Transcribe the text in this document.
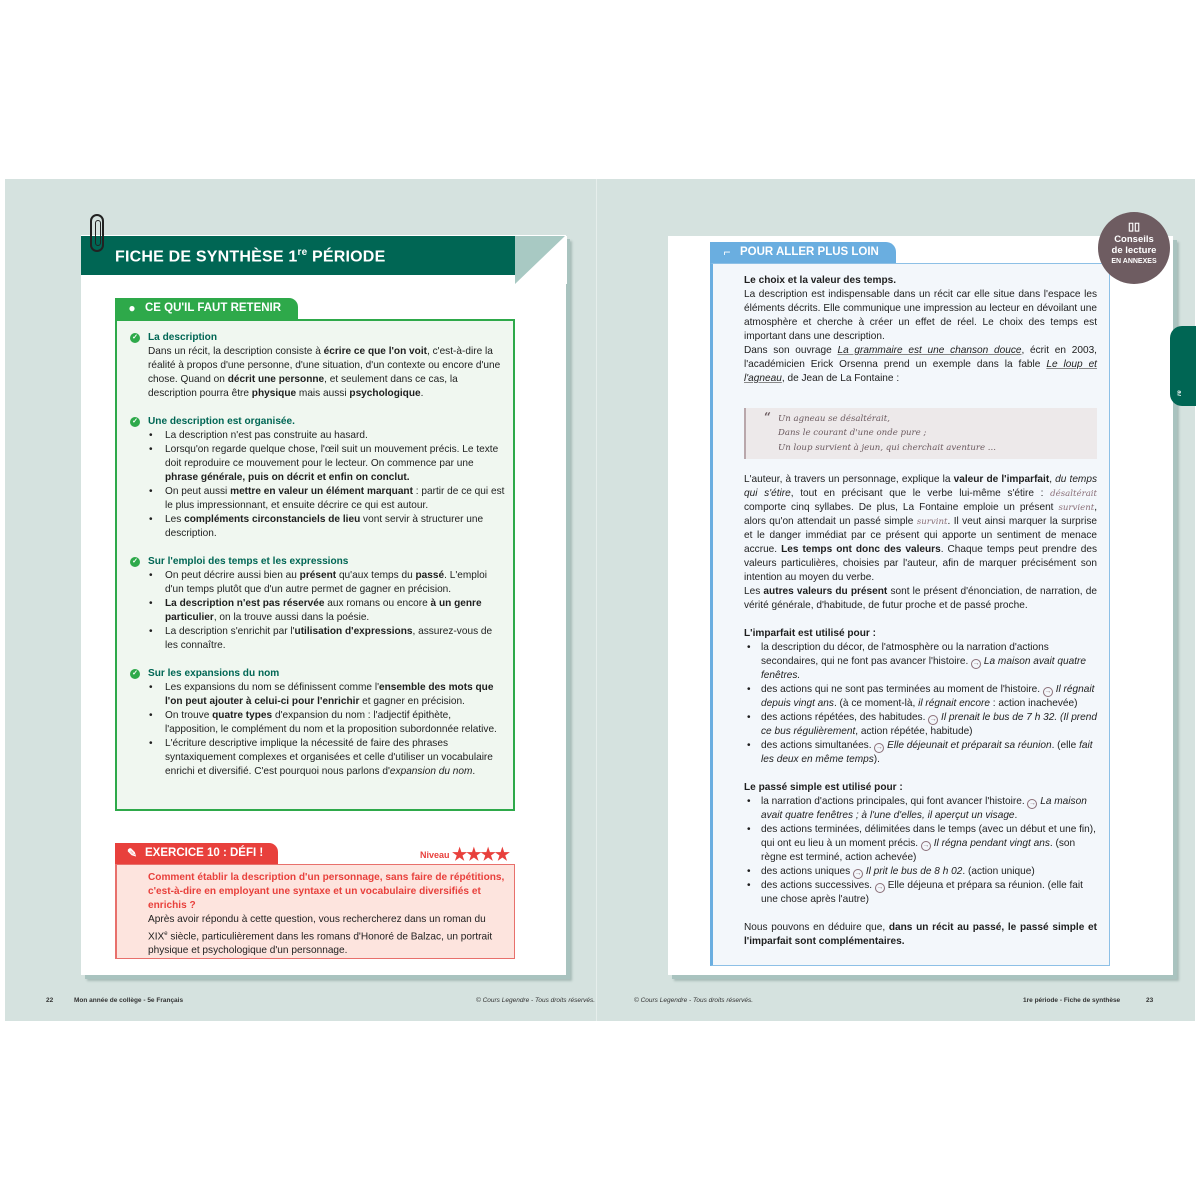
FICHE DE SYNTHÈSE 1re PÉRIODE
● CE QU'IL FAUT RETENIR
✓ La description
Dans un récit, la description consiste à écrire ce que l'on voit, c'est-à-dire la réalité à propos d'une personne, d'une situation, d'un contexte ou encore d'une chose. Quand on décrit une personne, et seulement dans ce cas, la description pourra être physique mais aussi psychologique.
✓ Une description est organisée.
• La description n'est pas construite au hasard.
• Lorsqu'on regarde quelque chose, l'œil suit un mouvement précis. Le texte doit reproduire ce mouvement pour le lecteur. On commence par une phrase générale, puis on décrit et enfin on conclut.
• On peut aussi mettre en valeur un élément marquant : partir de ce qui est le plus impressionnant, et ensuite décrire ce qui est autour.
• Les compléments circonstanciels de lieu vont servir à structurer une description.
✓ Sur l'emploi des temps et les expressions
• On peut décrire aussi bien au présent qu'aux temps du passé. L'emploi d'un temps plutôt que d'un autre permet de gagner en précision.
• La description n'est pas réservée aux romans ou encore à un genre particulier, on la trouve aussi dans la poésie.
• La description s'enrichit par l'utilisation d'expressions, assurez-vous de les connaître.
✓ Sur les expansions du nom
• Les expansions du nom se définissent comme l'ensemble des mots que l'on peut ajouter à celui-ci pour l'enrichir et gagner en précision.
• On trouve quatre types d'expansion du nom : l'adjectif épithète, l'apposition, le complément du nom et la proposition subordonnée relative.
• L'écriture descriptive implique la nécessité de faire des phrases syntaxiquement complexes et organisées et celle d'utiliser un vocabulaire enrichi et diversifié. C'est pourquoi nous parlons d'expansion du nom.
✎ EXERCICE 10 : DÉFI !	Niveau ★★★★
Comment établir la description d'un personnage, sans faire de répétitions, c'est-à-dire en employant une syntaxe et un vocabulaire diversifiés et enrichis ?
Après avoir répondu à cette question, vous rechercherez dans un roman du XIXe siècle, particulièrement dans les romans d'Honoré de Balzac, un portrait physique et psychologique d'un personnage.
22	Mon année de collège - 5e Français	© Cours Legendre - Tous droits réservés.
⌐ POUR ALLER PLUS LOIN
Le choix et la valeur des temps.
La description est indispensable dans un récit car elle situe dans l'espace les éléments décrits. Elle communique une impression au lecteur en dévoilant une atmosphère et cherche à créer un effet de réel. Le choix des temps est important dans une description.
Dans son ouvrage La grammaire est une chanson douce, écrit en 2003, l'académicien Erick Orsenna prend un exemple dans la fable Le loup et l'agneau, de Jean de La Fontaine :
“ Un agneau se désaltérait,
Dans le courant d'une onde pure ;
Un loup survient à jeun, qui cherchait aventure ...
L'auteur, à travers un personnage, explique la valeur de l'imparfait, du temps qui s'étire, tout en précisant que le verbe lui-même s'étire : désaltérait comporte cinq syllabes. De plus, La Fontaine emploie un présent survient, alors qu'on attendait un passé simple survint. Il veut ainsi marquer la surprise et le danger immédiat par ce présent qui apporte un sentiment de menace accrue. Les temps ont donc des valeurs. Chaque temps peut prendre des valeurs particulières, choisies par l'auteur, afin de marquer précisément son intention au moyen du verbe.
Les autres valeurs du présent sont le présent d'énonciation, de narration, de vérité générale, d'habitude, de futur proche et de passé proche.
L'imparfait est utilisé pour :
• la description du décor, de l'atmosphère ou la narration d'actions secondaires, qui ne font pas avancer l'histoire. → La maison avait quatre fenêtres.
• des actions qui ne sont pas terminées au moment de l'histoire. → Il régnait depuis vingt ans. (à ce moment-là, il régnait encore : action inachevée)
• des actions répétées, des habitudes. → Il prenait le bus de 7 h 32. (Il prend ce bus régulièrement, action répétée, habitude)
• des actions simultanées. → Elle déjeunait et préparait sa réunion. (elle fait les deux en même temps).
Le passé simple est utilisé pour :
• la narration d'actions principales, qui font avancer l'histoire. → La maison avait quatre fenêtres ; à l'une d'elles, il aperçut un visage.
• des actions terminées, délimitées dans le temps (avec un début et une fin), qui ont eu lieu à un moment précis. → Il régna pendant vingt ans. (son règne est terminé, action achevée)
• des actions uniques → Il prit le bus de 8 h 02. (action unique)
• des actions successives. → Elle déjeuna et prépara sa réunion. (elle fait une chose après l'autre)
Nous pouvons en déduire que, dans un récit au passé, le passé simple et l'imparfait sont complémentaires.
▯▯
Conseils
de lecture
EN ANNEXES
$^{re}$
© Cours Legendre - Tous droits réservés.	1re période - Fiche de synthèse	23
